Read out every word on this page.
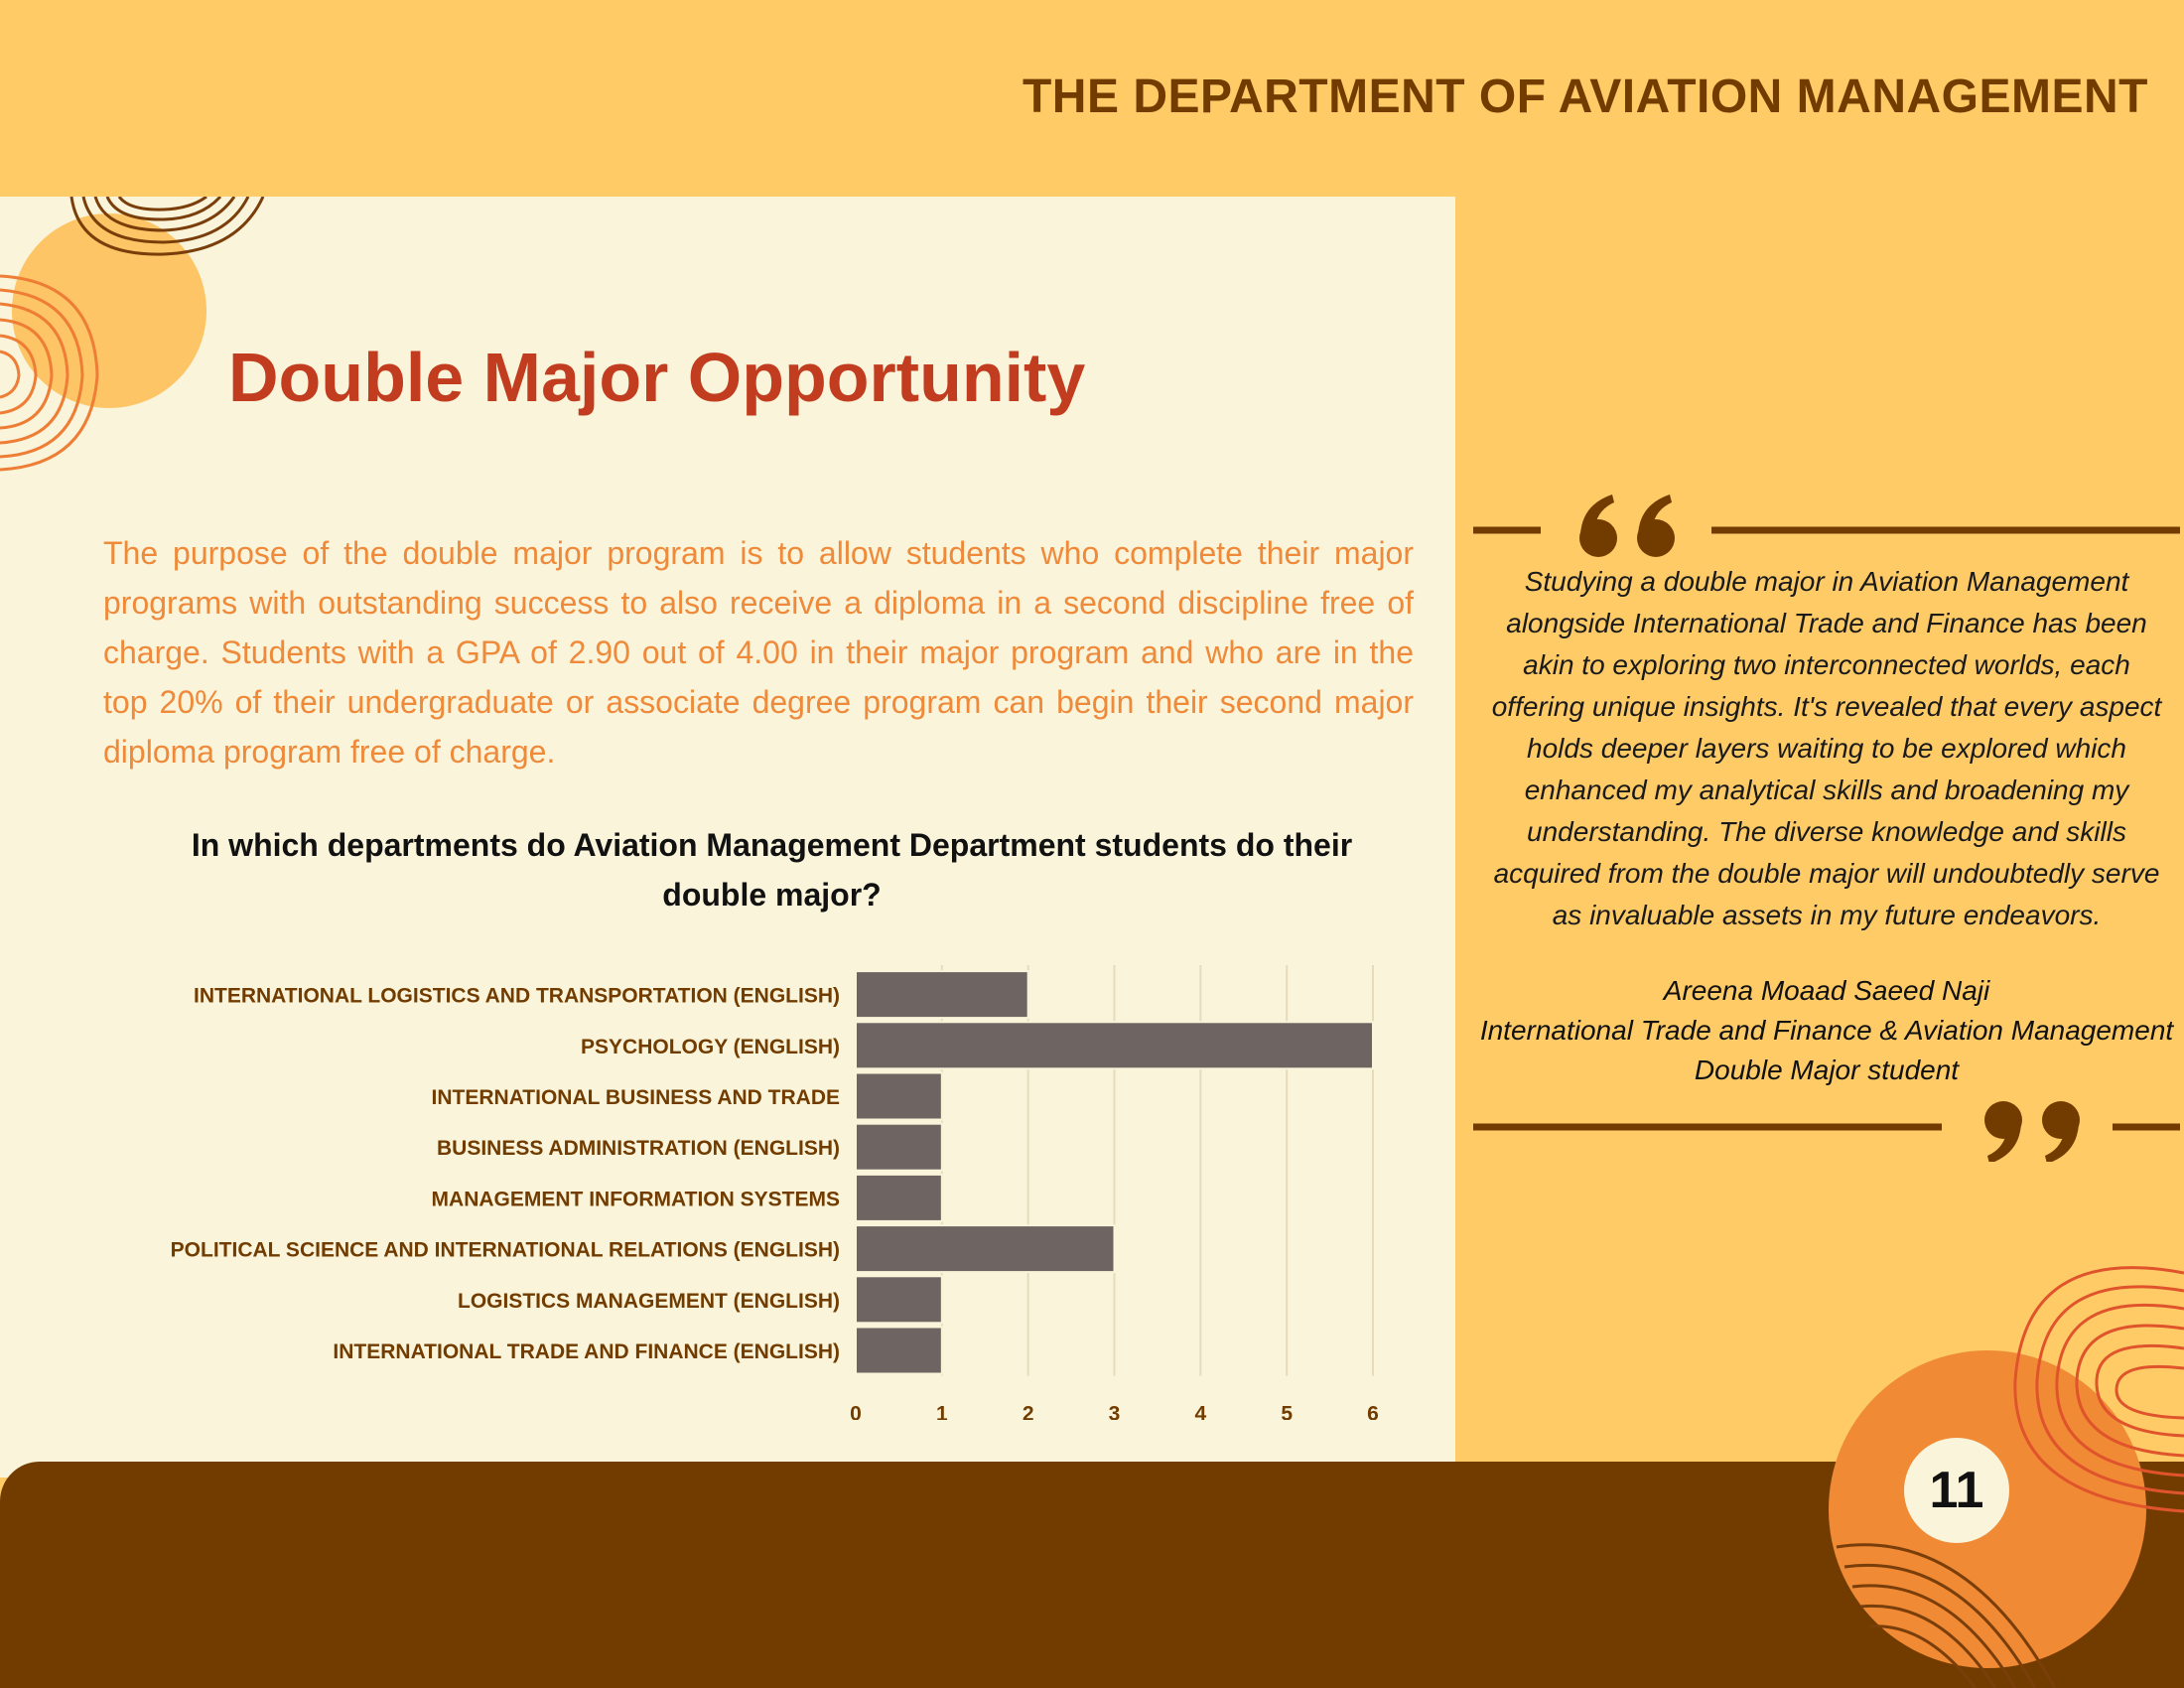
THE DEPARTMENT OF AVIATION MANAGEMENT
Double Major Opportunity
The purpose of the double major program is to allow students who complete their major programs with outstanding success to also receive a diploma in a second discipline free of charge. Students with a GPA of 2.90 out of 4.00 in their major program and who are in the top 20% of their undergraduate or associate degree program can begin their second major diploma program free of charge.
In which departments do Aviation Management Department students do their
double major?
INTERNATIONAL LOGISTICS AND TRANSPORTATION (ENGLISH)
PSYCHOLOGY (ENGLISH)
INTERNATIONAL BUSINESS AND TRADE
BUSINESS ADMINISTRATION (ENGLISH)
MANAGEMENT INFORMATION SYSTEMS
POLITICAL SCIENCE AND INTERNATIONAL RELATIONS (ENGLISH)
LOGISTICS MANAGEMENT (ENGLISH)
INTERNATIONAL TRADE AND FINANCE (ENGLISH)
0	1	2	3	4	5	6
Studying a double major in Aviation Management alongside International Trade and Finance has been akin to exploring two interconnected worlds, each offering unique insights. It's revealed that every aspect holds deeper layers waiting to be explored which enhanced my analytical skills and broadening my understanding. The diverse knowledge and skills acquired from the double major will undoubtedly serve as invaluable assets in my future endeavors.
Areena Moaad Saeed Naji
International Trade and Finance & Aviation Management
Double Major student
11
